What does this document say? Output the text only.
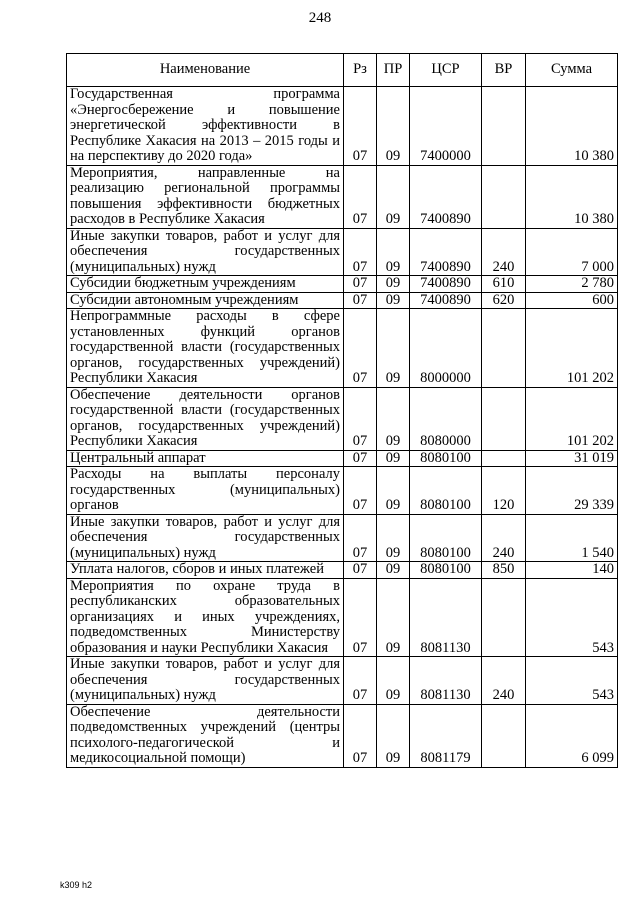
248
Наименование	Рз	ПР	ЦСР	ВР	Сумма
Государственная программа «Энергосбережение и повышение энергетической эффективности в Республике Хакасия на 2013 – 2015 годы и на перспективу до 2020 года»	07	09	7400000		10 380
Мероприятия, направленные на реализацию региональной программы повышения эффективности бюджетных расходов в Республике Хакасия	07	09	7400890		10 380
Иные закупки товаров, работ и услуг для обеспечения государственных (муниципальных) нужд	07	09	7400890	240	7 000
Субсидии бюджетным учреждениям	07	09	7400890	610	2 780
Субсидии автономным учреждениям	07	09	7400890	620	600
Непрограммные расходы в сфере установленных функций органов государственной власти (государственных органов, государственных учреждений) Республики Хакасия	07	09	8000000		101 202
Обеспечение деятельности органов государственной власти (государственных органов, государственных учреждений) Республики Хакасия	07	09	8080000		101 202
Центральный аппарат	07	09	8080100		31 019
Расходы на выплаты персоналу государственных (муниципальных) органов	07	09	8080100	120	29 339
Иные закупки товаров, работ и услуг для обеспечения государственных (муниципальных) нужд	07	09	8080100	240	1 540
Уплата налогов, сборов и иных платежей	07	09	8080100	850	140
Мероприятия по охране труда в республиканских образовательных организациях и иных учреждениях, подведомственных Министерству образования и науки Республики Хакасия	07	09	8081130		543
Иные закупки товаров, работ и услуг для обеспечения государственных (муниципальных) нужд	07	09	8081130	240	543
Обеспечение деятельности подведомственных учреждений (центры психолого-педагогической и медикосоциальной помощи)	07	09	8081179		6 099
k309 h2
